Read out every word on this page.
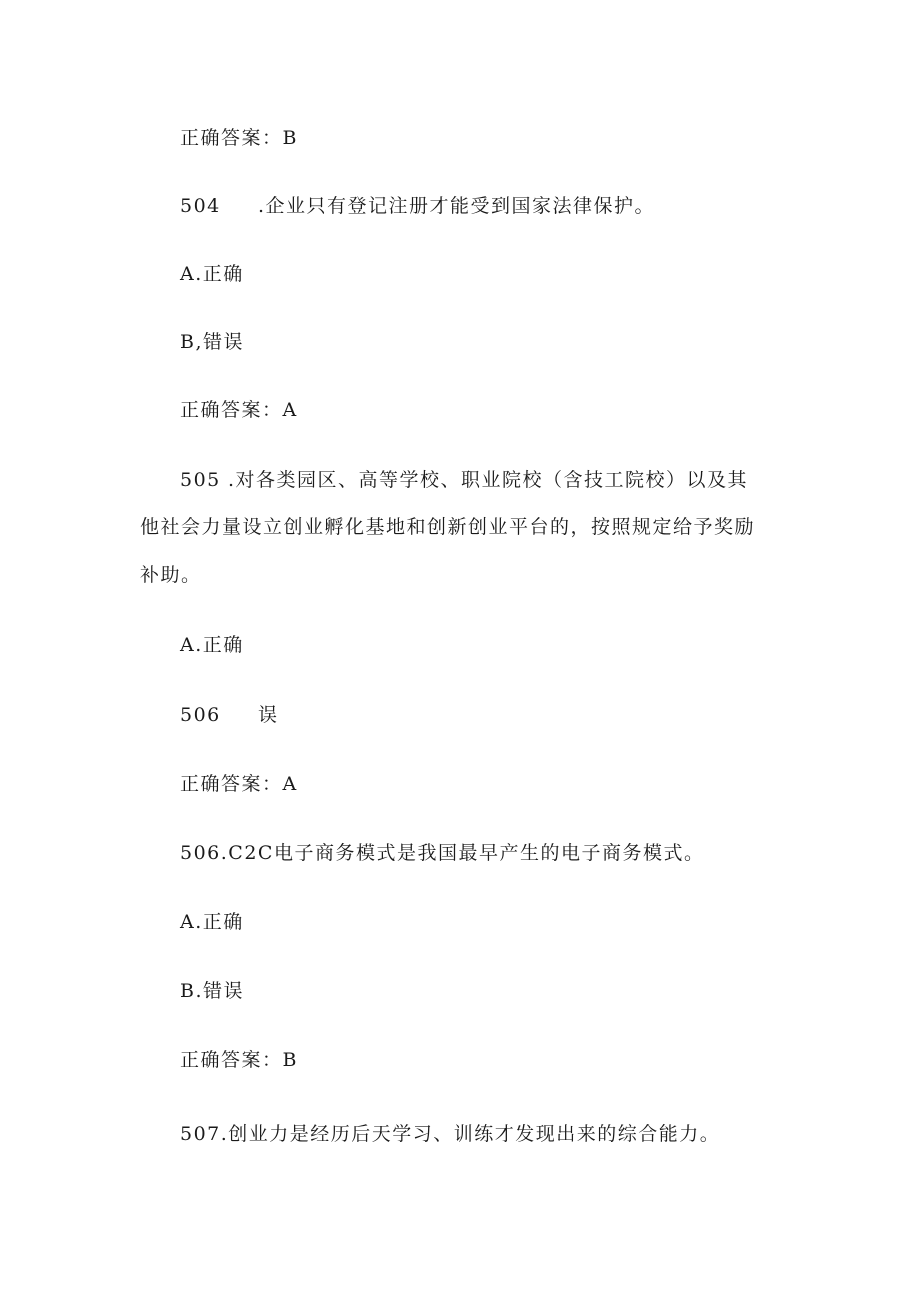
正确答案：B
504 .企业只有登记注册才能受到国家法律保护。
A.正确
B,错误
正确答案：A
505 .对各类园区、高等学校、职业院校（含技工院校）以及其
他社会力量设立创业孵化基地和创新创业平台的，按照规定给予奖励
补助。
A.正确
506 误
正确答案：A
506.C2C电子商务模式是我国最早产生的电子商务模式。
A.正确
B.错误
正确答案：B
507.创业力是经历后天学习、训练才发现出来的综合能力。
